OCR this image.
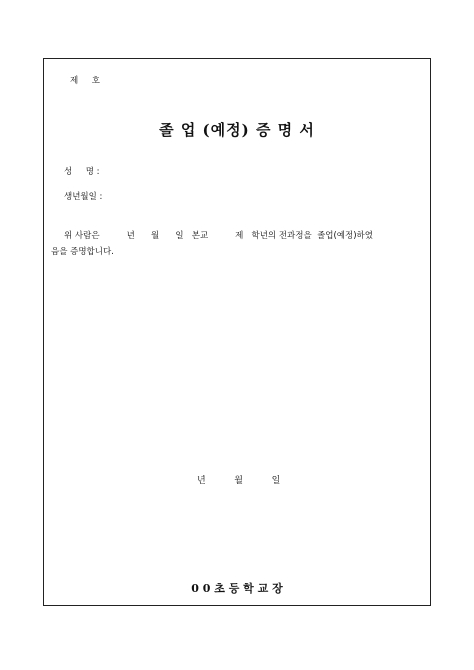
제     호
졸 업 (예정) 증 명 서
성     명 :
생년월일 :
위 사람은          년      월      일   본교          제   학년의 전과정을  졸업(예정)하였
음을 증명합니다.
년          월          일
0 0 초 등 학 교 장
